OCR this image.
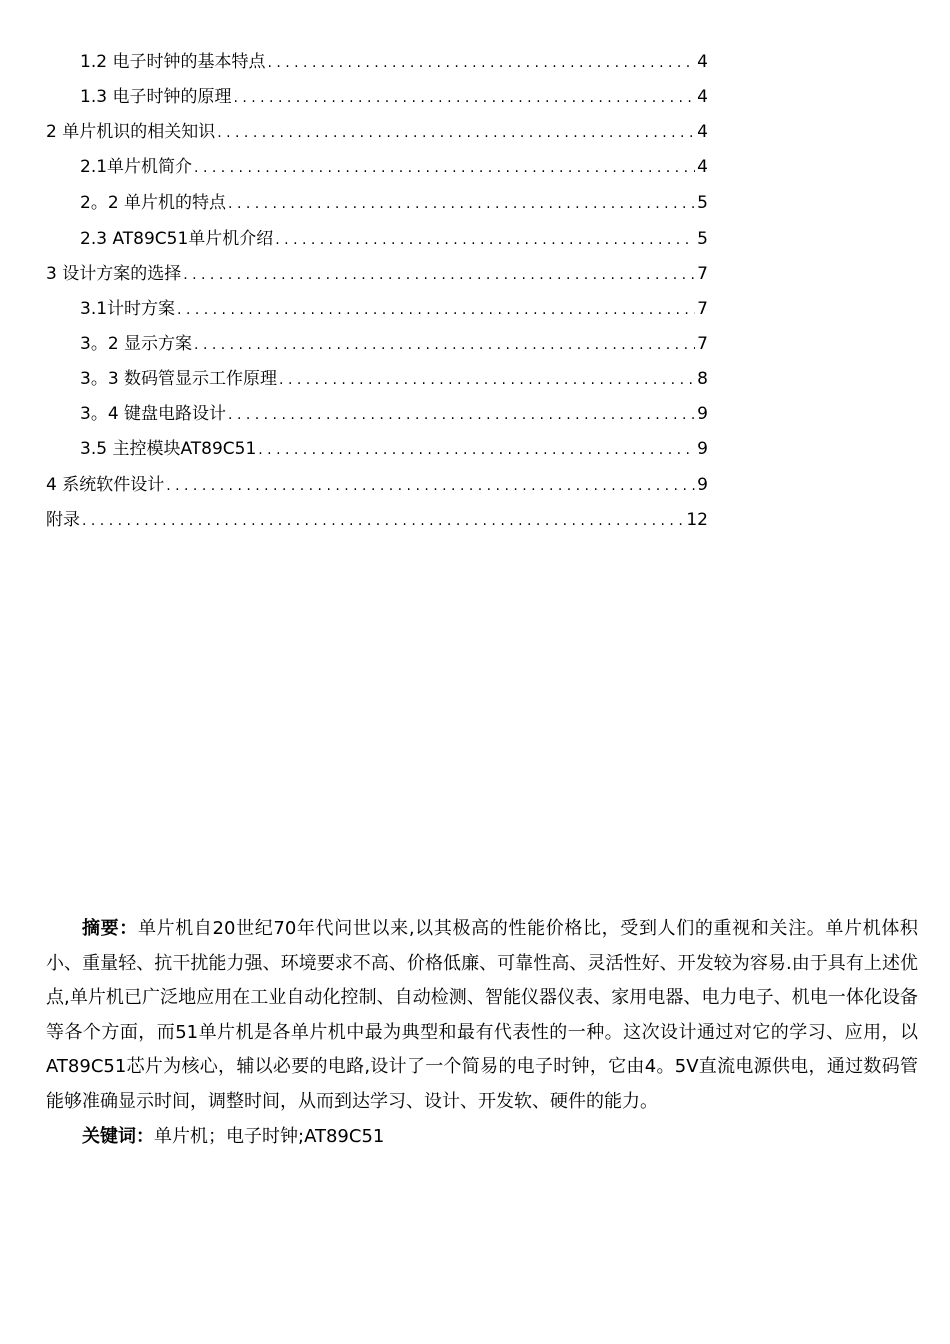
1.2 电子时钟的基本特点 . . .	4
1.3 电子时钟的原理 . . .	4
2 单片机识的相关知识 . . .	4
2.1单片机简介 . . .	4
2。2 单片机的特点 . . .	5
2.3 AT89C51单片机介绍 . . .	5
3 设计方案的选择 . . .	7
3.1计时方案 . . .	7
3。2 显示方案 . . .	7
3。3 数码管显示工作原理 . . .	8
3。4 键盘电路设计 . . .	9
3.5 主控模块AT89C51 . . .	9
4 系统软件设计 . . .	9
附录 . . .	12

摘要：单片机自20世纪70年代问世以来,以其极高的性能价格比，受到人们的重视和关注。单片机体积小、重量轻、抗干扰能力强、环境要求不高、价格低廉、可靠性高、灵活性好、开发较为容易.由于具有上述优点,单片机已广泛地应用在工业自动化控制、自动检测、智能仪器仪表、家用电器、电力电子、机电一体化设备等各个方面，而51单片机是各单片机中最为典型和最有代表性的一种。这次设计通过对它的学习、应用，以AT89C51芯片为核心，辅以必要的电路,设计了一个简易的电子时钟，它由4。5V直流电源供电，通过数码管能够准确显示时间，调整时间，从而到达学习、设计、开发软、硬件的能力。

关键词：单片机；电子时钟;AT89C51
